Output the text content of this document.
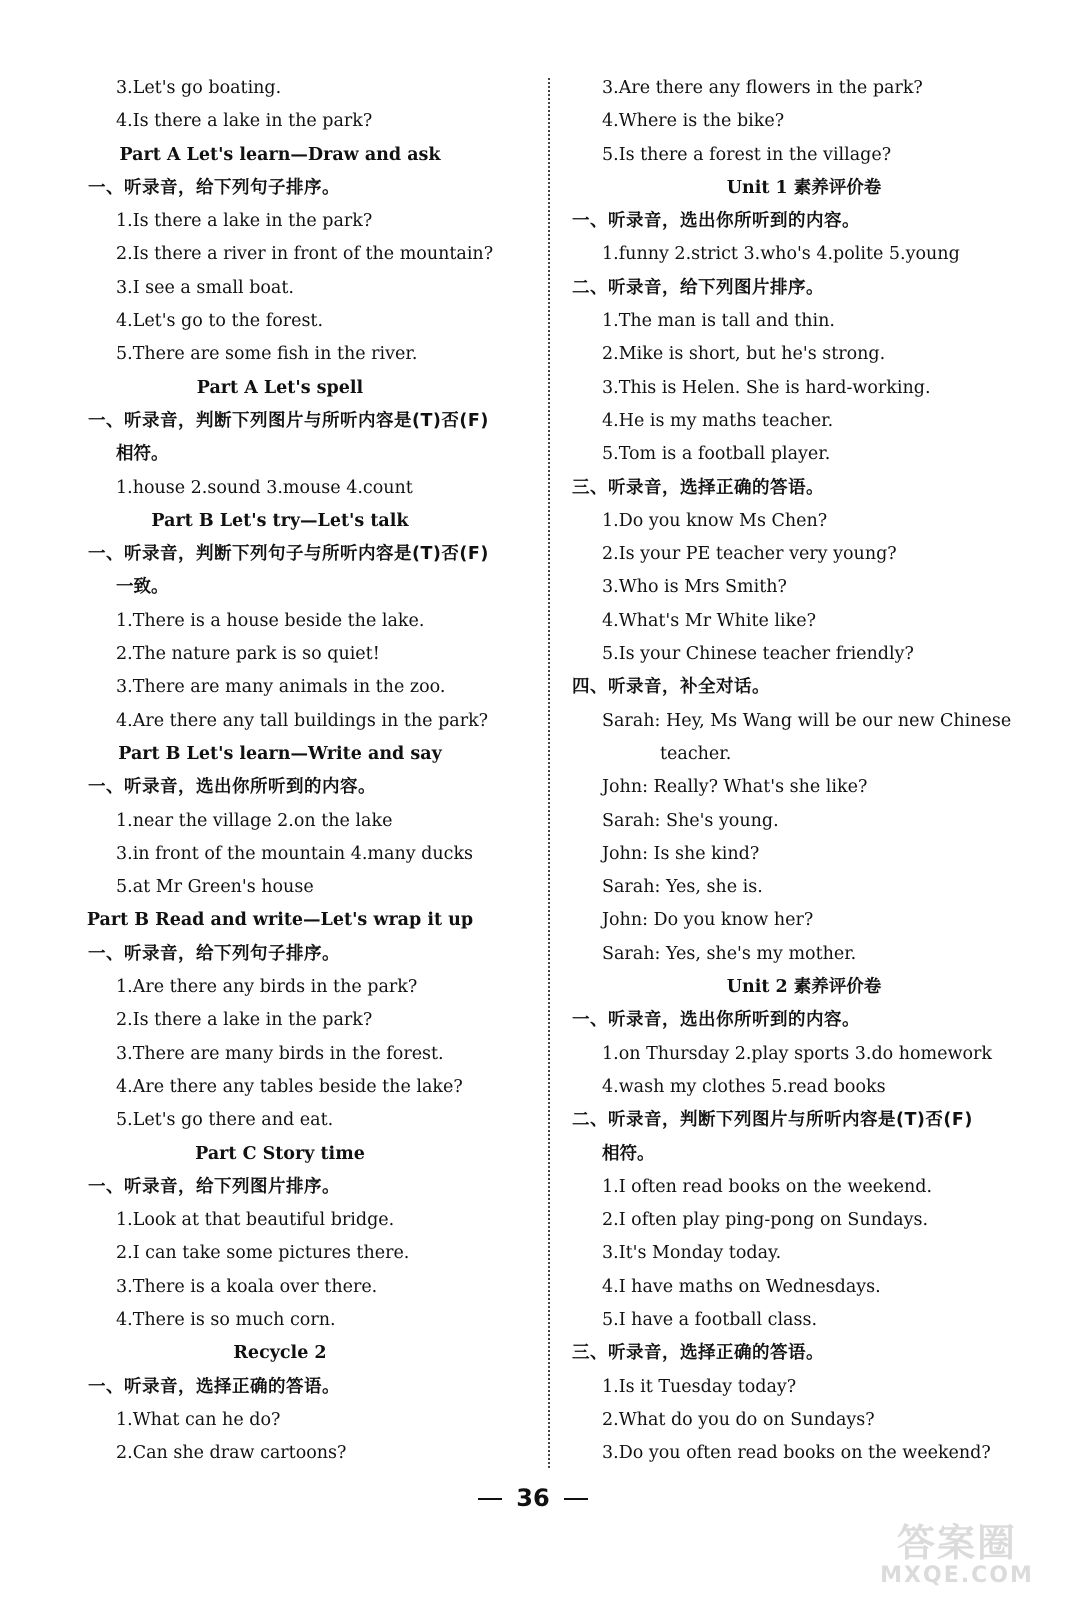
3.Let's go boating.
4.Is there a lake in the park?
Part A Let's learn—Draw and ask
一、听录音，给下列句子排序。
1.Is there a lake in the park?
2.Is there a river in front of the mountain?
3.I see a small boat.
4.Let's go to the forest.
5.There are some fish in the river.
Part A Let's spell
一、听录音，判断下列图片与所听内容是(T)否(F)
相符。
1.house 2.sound 3.mouse 4.count
Part B Let's try—Let's talk
一、听录音，判断下列句子与所听内容是(T)否(F)
一致。
1.There is a house beside the lake.
2.The nature park is so quiet!
3.There are many animals in the zoo.
4.Are there any tall buildings in the park?
Part B Let's learn—Write and say
一、听录音，选出你所听到的内容。
1.near the village 2.on the lake
3.in front of the mountain 4.many ducks
5.at Mr Green's house
Part B Read and write—Let's wrap it up
一、听录音，给下列句子排序。
1.Are there any birds in the park?
2.Is there a lake in the park?
3.There are many birds in the forest.
4.Are there any tables beside the lake?
5.Let's go there and eat.
Part C Story time
一、听录音，给下列图片排序。
1.Look at that beautiful bridge.
2.I can take some pictures there.
3.There is a koala over there.
4.There is so much corn.
Recycle 2
一、听录音，选择正确的答语。
1.What can he do?
2.Can she draw cartoons?
3.Are there any flowers in the park?
4.Where is the bike?
5.Is there a forest in the village?
Unit 1 素养评价卷
一、听录音，选出你所听到的内容。
1.funny 2.strict 3.who's 4.polite 5.young
二、听录音，给下列图片排序。
1.The man is tall and thin.
2.Mike is short, but he's strong.
3.This is Helen. She is hard-working.
4.He is my maths teacher.
5.Tom is a football player.
三、听录音，选择正确的答语。
1.Do you know Ms Chen?
2.Is your PE teacher very young?
3.Who is Mrs Smith?
4.What's Mr White like?
5.Is your Chinese teacher friendly?
四、听录音，补全对话。
Sarah: Hey, Ms Wang will be our new Chinese
teacher.
John: Really? What's she like?
Sarah: She's young.
John: Is she kind?
Sarah: Yes, she is.
John: Do you know her?
Sarah: Yes, she's my mother.
Unit 2 素养评价卷
一、听录音，选出你所听到的内容。
1.on Thursday 2.play sports 3.do homework
4.wash my clothes 5.read books
二、听录音，判断下列图片与所听内容是(T)否(F)
相符。
1.I often read books on the weekend.
2.I often play ping-pong on Sundays.
3.It's Monday today.
4.I have maths on Wednesdays.
5.I have a football class.
三、听录音，选择正确的答语。
1.Is it Tuesday today?
2.What do you do on Sundays?
3.Do you often read books on the weekend?
36
答案圈
MXQE.COM
